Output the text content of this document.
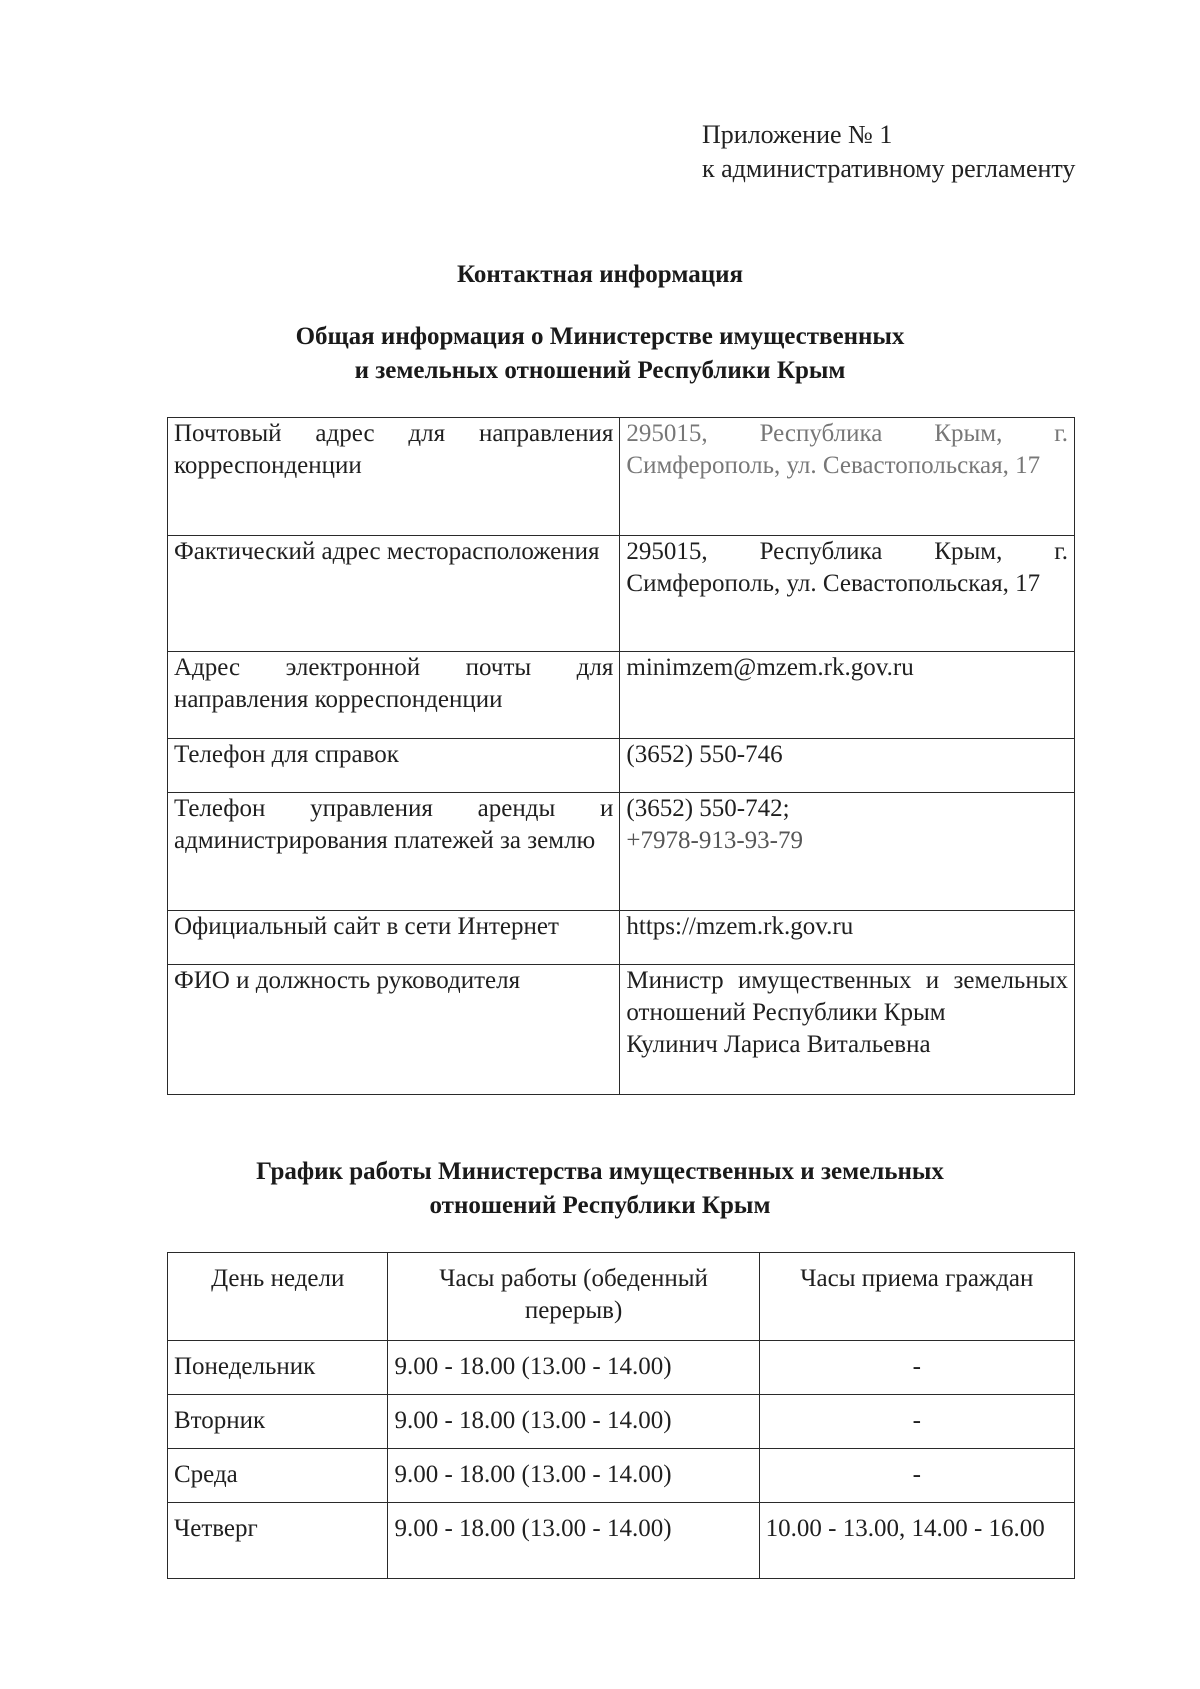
Приложение № 1
к административному регламенту
Контактная информация
Общая информация о Министерстве имущественных
и земельных отношений Республики Крым
Почтовый адрес для направления корреспонденции	295015, Республика Крым, г. Симферополь, ул. Севастопольская, 17
Фактический адрес месторасположения	295015, Республика Крым, г. Симферополь, ул. Севастопольская, 17
Адрес электронной почты для направления корреспонденции	minimzem@mzem.rk.gov.ru
Телефон для справок	(3652) 550-746
Телефон управления аренды и администрирования платежей за землю	(3652) 550-742;
+7978-913-93-79

Официальный сайт в сети Интернет	https://mzem.rk.gov.ru
ФИО и должность руководителя	Министр имущественных и земельных отношений Республики Крым
Кулинич Лариса Витальевна
График работы Министерства имущественных и земельных
отношений Республики Крым
День недели	Часы работы (обеденный перерыв)	Часы приема граждан
Понедельник	9.00 - 18.00 (13.00 - 14.00)	-
Вторник	9.00 - 18.00 (13.00 - 14.00)	-
Среда	9.00 - 18.00 (13.00 - 14.00)	-
Четверг	9.00 - 18.00 (13.00 - 14.00)	10.00 - 13.00, 14.00 - 16.00
